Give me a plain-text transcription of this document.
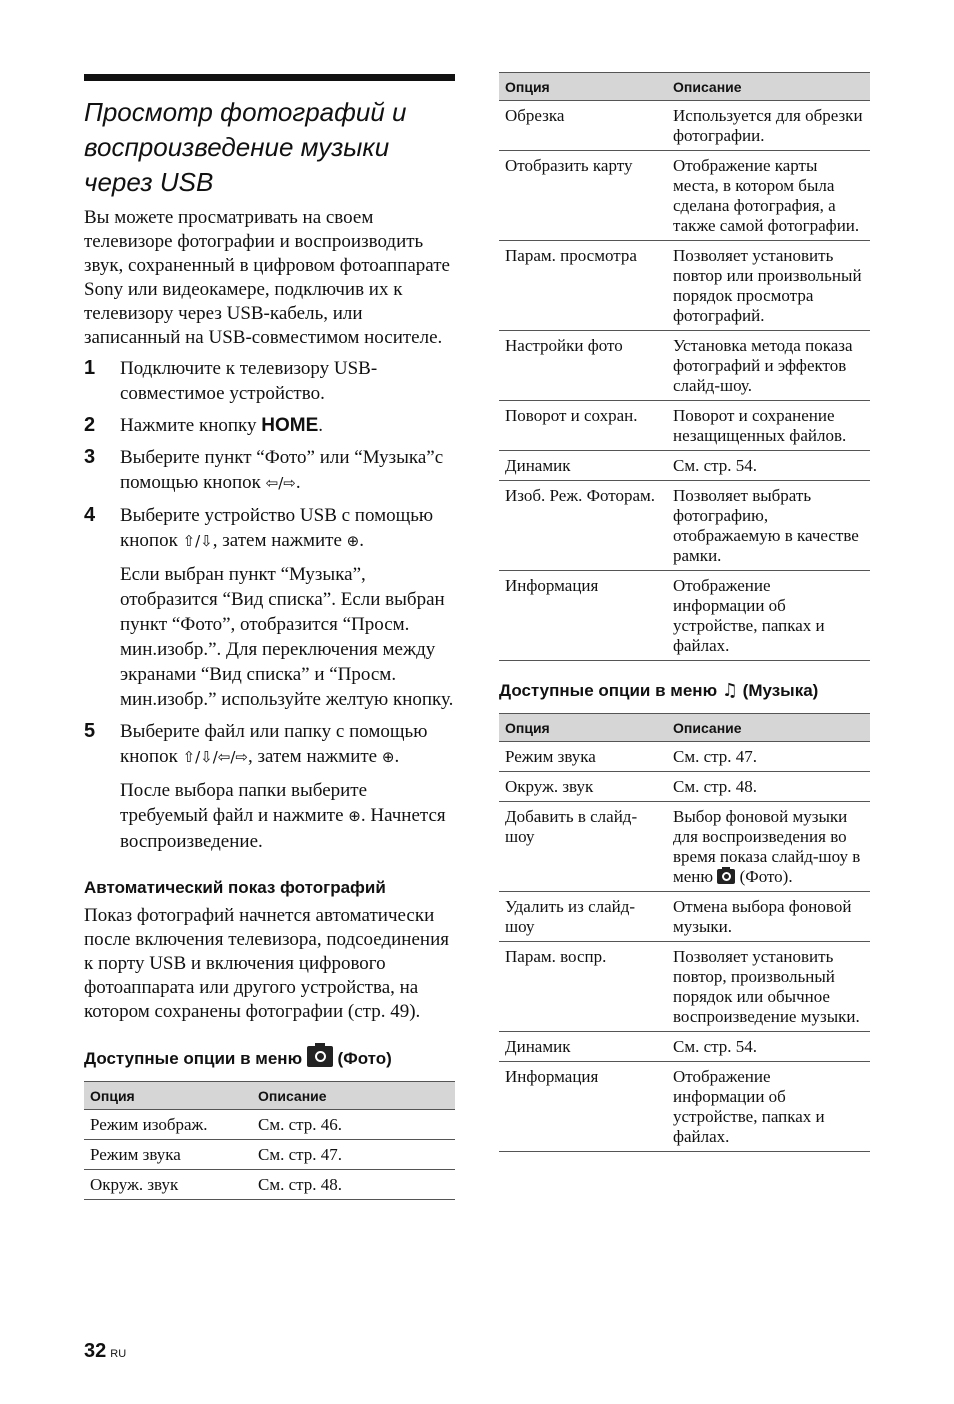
Просмотр фотографий и воспроизведение музыки через USB

Вы можете просматривать на своем телевизоре фотографии и воспроизводить звук, сохраненный в цифровом фотоаппарате Sony или видеокамере, подключив их к телевизору через USB-кабель, или записанный на USB-совместимом носителе.

1	Подключите к телевизору USB-совместимое устройство.
2	Нажмите кнопку HOME.
3	Выберите пункт “Фото” или “Музыка”с помощью кнопок ⇦/⇨.
4	Выберите устройство USB с помощью кнопок ⇧/⇩, затем нажмите ⊕.
Если выбран пункт “Музыка”, отобразится “Вид списка”. Если выбран пункт “Фото”, отобразится “Просм. мин.изобр.”. Для переключения между экранами “Вид списка” и “Просм. мин.изобр.” используйте желтую кнопку.
5	Выберите файл или папку с помощью кнопок ⇧/⇩/⇦/⇨, затем нажмите ⊕.
После выбора папки выберите требуемый файл и нажмите ⊕. Начнется воспроизведение.
Автоматический показ фотографий

Показ фотографий начнется автоматически после включения телевизора, подсоединения к порту USB и включения цифрового фотоаппарата или другого устройства, на котором сохранены фотографии (стр. 49).

Доступные опции в меню  (Фото)
Опция	Описание
Режим изображ.	См. стр. 46.
Режим звука	См. стр. 47.
Окруж. звук	См. стр. 48.
Опция	Описание
Обрезка	Используется для обрезки фотографии.
Отобразить карту	Отображение карты места, в котором была сделана фотография, а также самой фотографии.
Парам. просмотра	Позволяет установить повтор или произвольный порядок просмотра фотографий.
Настройки фото	Установка метода показа фотографий и эффектов слайд-шоу.
Поворот и сохран.	Поворот и сохранение незащищенных файлов.
Динамик	См. стр. 54.
Изоб. Реж. Фоторам.	Позволяет выбрать фотографию, отображаемую в качестве рамки.
Информация	Отображение информации об устройстве, папках и файлах.
Доступные опции в меню ♫ (Музыка)
Опция	Описание
Режим звука	См. стр. 47.
Окруж. звук	См. стр. 48.
Добавить в слайд-шоу	Выбор фоновой музыки для воспроизведения во время показа слайд-шоу в меню  (Фото).
Удалить из слайд-шоу	Отмена выбора фоновой музыки.
Парам. воспр.	Позволяет установить повтор, произвольный порядок или обычное воспроизведение музыки.
Динамик	См. стр. 54.
Информация	Отображение информации об устройстве, папках и файлах.
32 RU
